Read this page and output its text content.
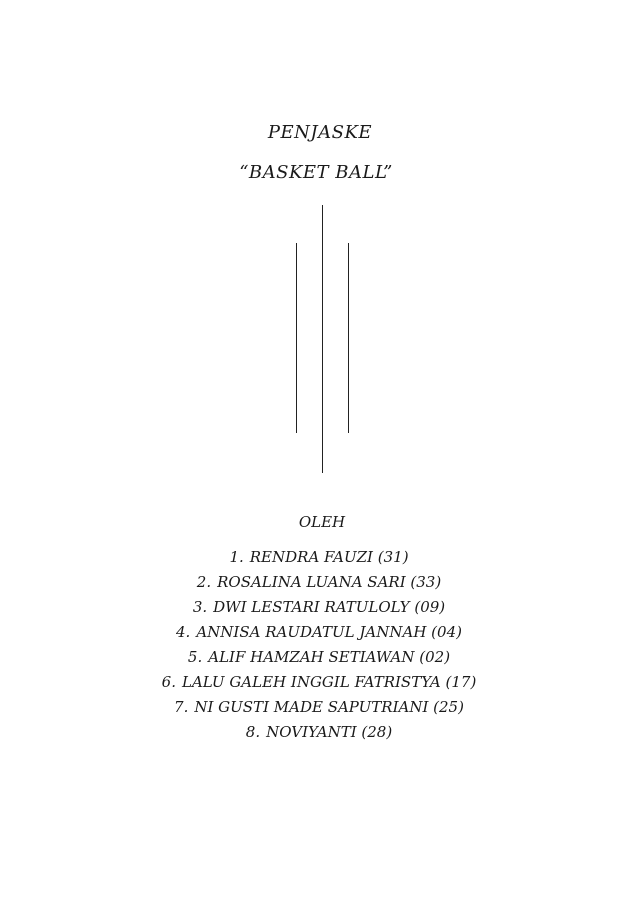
PENJASKE
“BASKET BALL”
OLEH
1. RENDRA FAUZI (31)
2. ROSALINA LUANA SARI (33)
3. DWI LESTARI RATULOLY (09)
4. ANNISA RAUDATUL JANNAH (04)
5. ALIF HAMZAH SETIAWAN (02)
6. LALU GALEH INGGIL FATRISTYA (17)
7. NI GUSTI MADE SAPUTRIANI (25)
8. NOVIYANTI (28)
